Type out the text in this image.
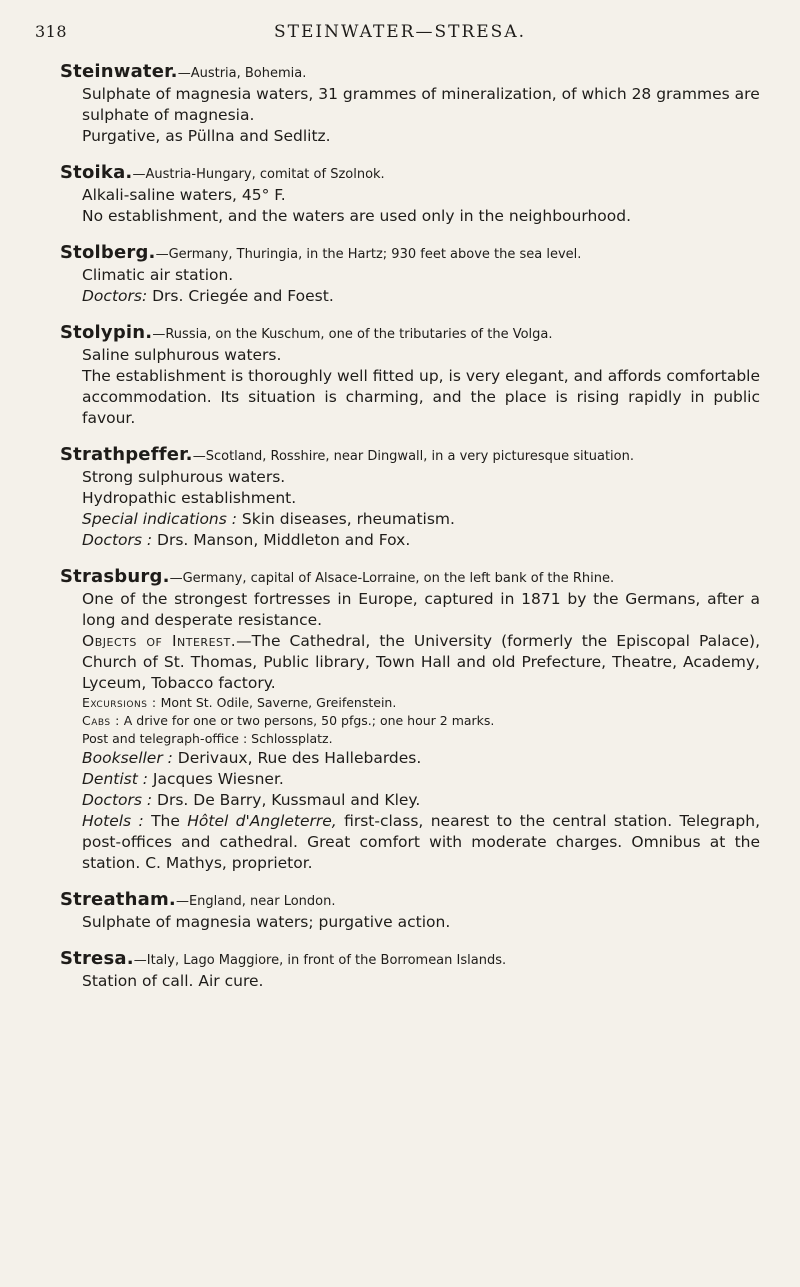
318	STEINWATER—STRESA.
Steinwater.—Austria, Bohemia.
Sulphate of magnesia waters, 31 grammes of mineralization, of which 28 grammes are sulphate of magnesia.
Purgative, as Püllna and Sedlitz.
Stoika.—Austria-Hungary, comitat of Szolnok.
Alkali-saline waters, 45° F.
No establishment, and the waters are used only in the neighbourhood.
Stolberg.—Germany, Thuringia, in the Hartz; 930 feet above the sea level.
Climatic air station.
Doctors: Drs. Criegée and Foest.
Stolypin.—Russia, on the Kuschum, one of the tributaries of the Volga.
Saline sulphurous waters.
The establishment is thoroughly well fitted up, is very elegant, and affords comfortable accommodation. Its situation is charming, and the place is rising rapidly in public favour.
Strathpeffer.—Scotland, Rosshire, near Dingwall, in a very picturesque situation.
Strong sulphurous waters.
Hydropathic establishment.
Special indications : Skin diseases, rheumatism.
Doctors : Drs. Manson, Middleton and Fox.
Strasburg.—Germany, capital of Alsace-Lorraine, on the left bank of the Rhine.
One of the strongest fortresses in Europe, captured in 1871 by the Germans, after a long and desperate resistance.
Objects of Interest.—The Cathedral, the University (formerly the Episcopal Palace), Church of St. Thomas, Public library, Town Hall and old Prefecture, Theatre, Academy, Lyceum, Tobacco factory.
Excursions : Mont St. Odile, Saverne, Greifenstein.
Cabs : A drive for one or two persons, 50 pfgs.; one hour 2 marks.
Post and telegraph-office : Schlossplatz.
Bookseller : Derivaux, Rue des Hallebardes.
Dentist : Jacques Wiesner.
Doctors : Drs. De Barry, Kussmaul and Kley.
Hotels : The Hôtel d'Angleterre, first-class, nearest to the central station. Telegraph, post-offices and cathedral. Great comfort with moderate charges. Omnibus at the station. C. Mathys, proprietor.
Streatham.—England, near London.
Sulphate of magnesia waters; purgative action.
Stresa.—Italy, Lago Maggiore, in front of the Borromean Islands.
Station of call. Air cure.
